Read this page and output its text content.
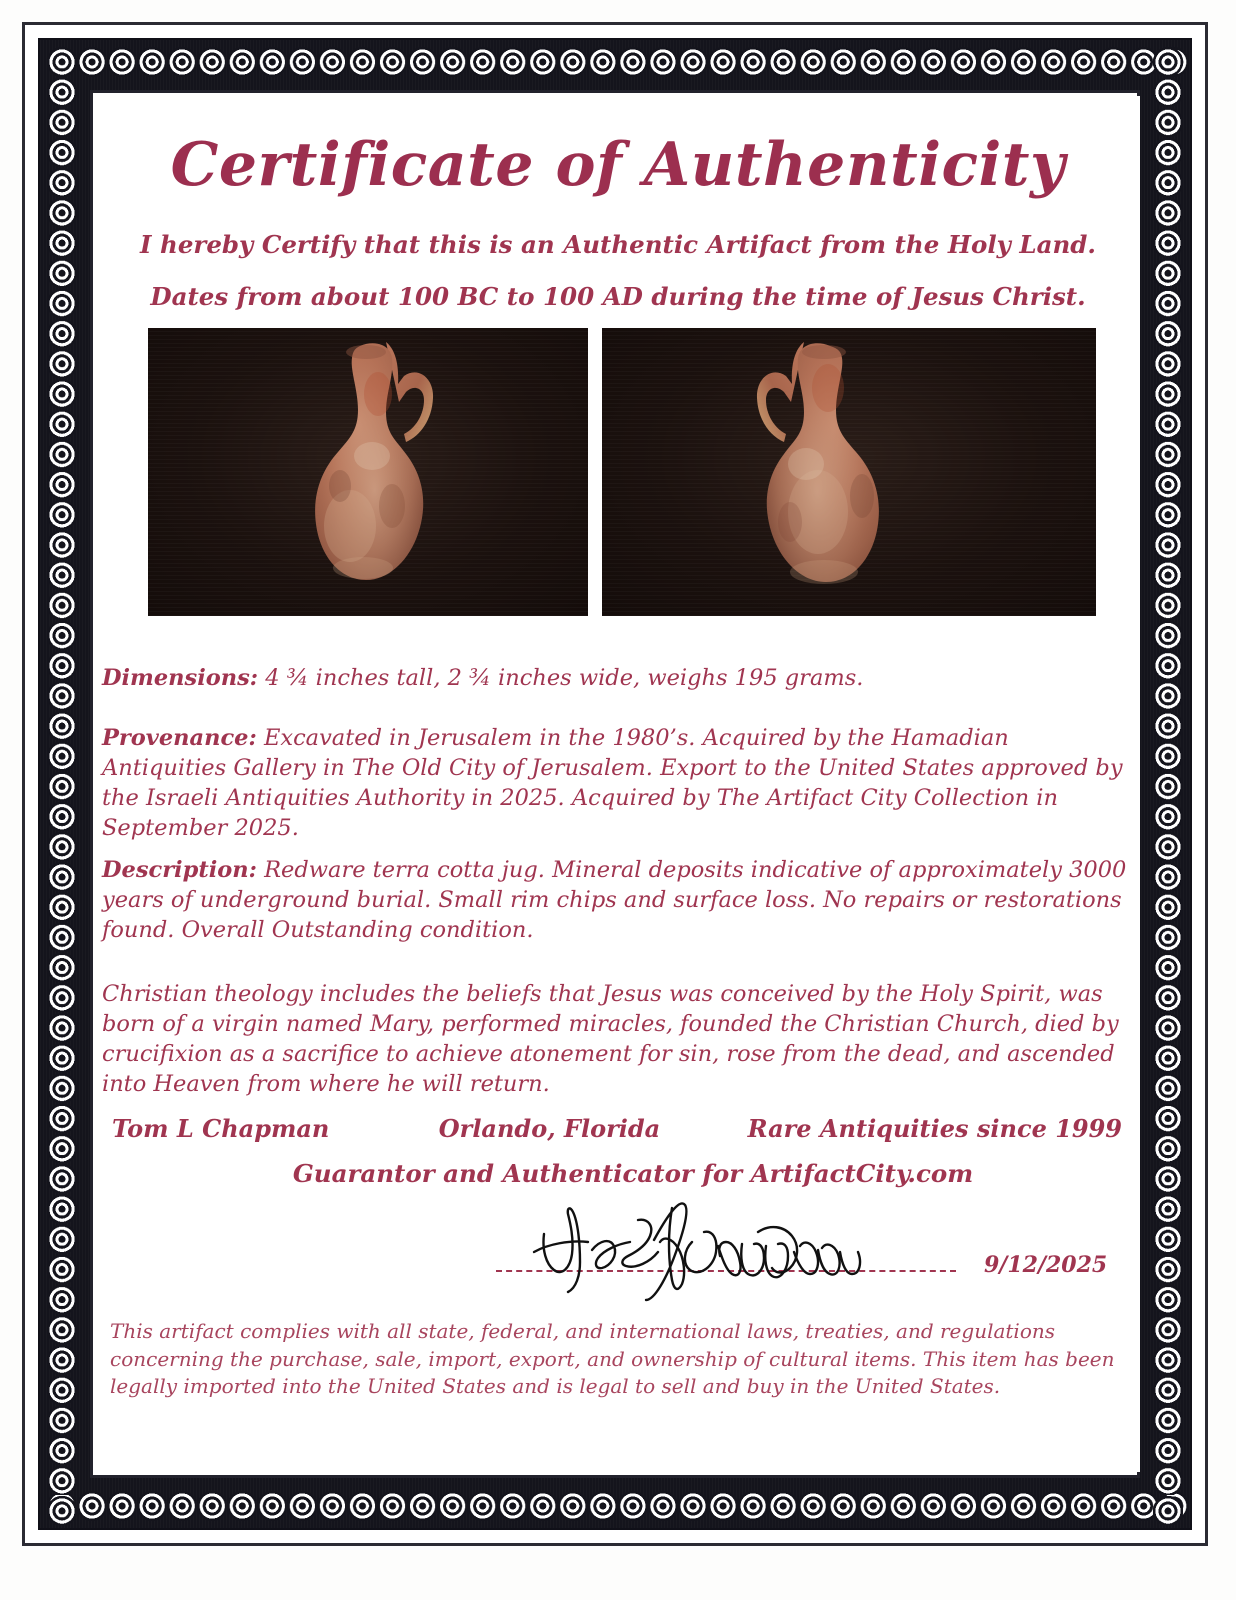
Certificate of Authenticity
I hereby Certify that this is an Authentic Artifact from the Holy Land.
Dates from about 100 BC to 100 AD during the time of Jesus Christ.

Dimensions: 4 ¾ inches tall, 2 ¾ inches wide, weighs 195 grams.

Provenance: Excavated in Jerusalem in the 1980’s. Acquired by the Hamadian Antiquities Gallery in The Old City of Jerusalem. Export to the United States approved by the Israeli Antiquities Authority in 2025. Acquired by The Artifact City Collection in September 2025.

Description: Redware terra cotta jug. Mineral deposits indicative of approximately 3000 years of underground burial. Small rim chips and surface loss. No repairs or restorations found. Overall Outstanding condition.

Christian theology includes the beliefs that Jesus was conceived by the Holy Spirit, was born of a virgin named Mary, performed miracles, founded the Christian Church, died by crucifixion as a sacrifice to achieve atonement for sin, rose from the dead, and ascended into Heaven from where he will return.

Tom L Chapman	Orlando, Florida	Rare Antiquities since 1999
Guarantor and Authenticator for ArtifactCity.com
9/12/2025

This artifact complies with all state, federal, and international laws, treaties, and regulations concerning the purchase, sale, import, export, and ownership of cultural items. This item has been legally imported into the United States and is legal to sell and buy in the United States.
